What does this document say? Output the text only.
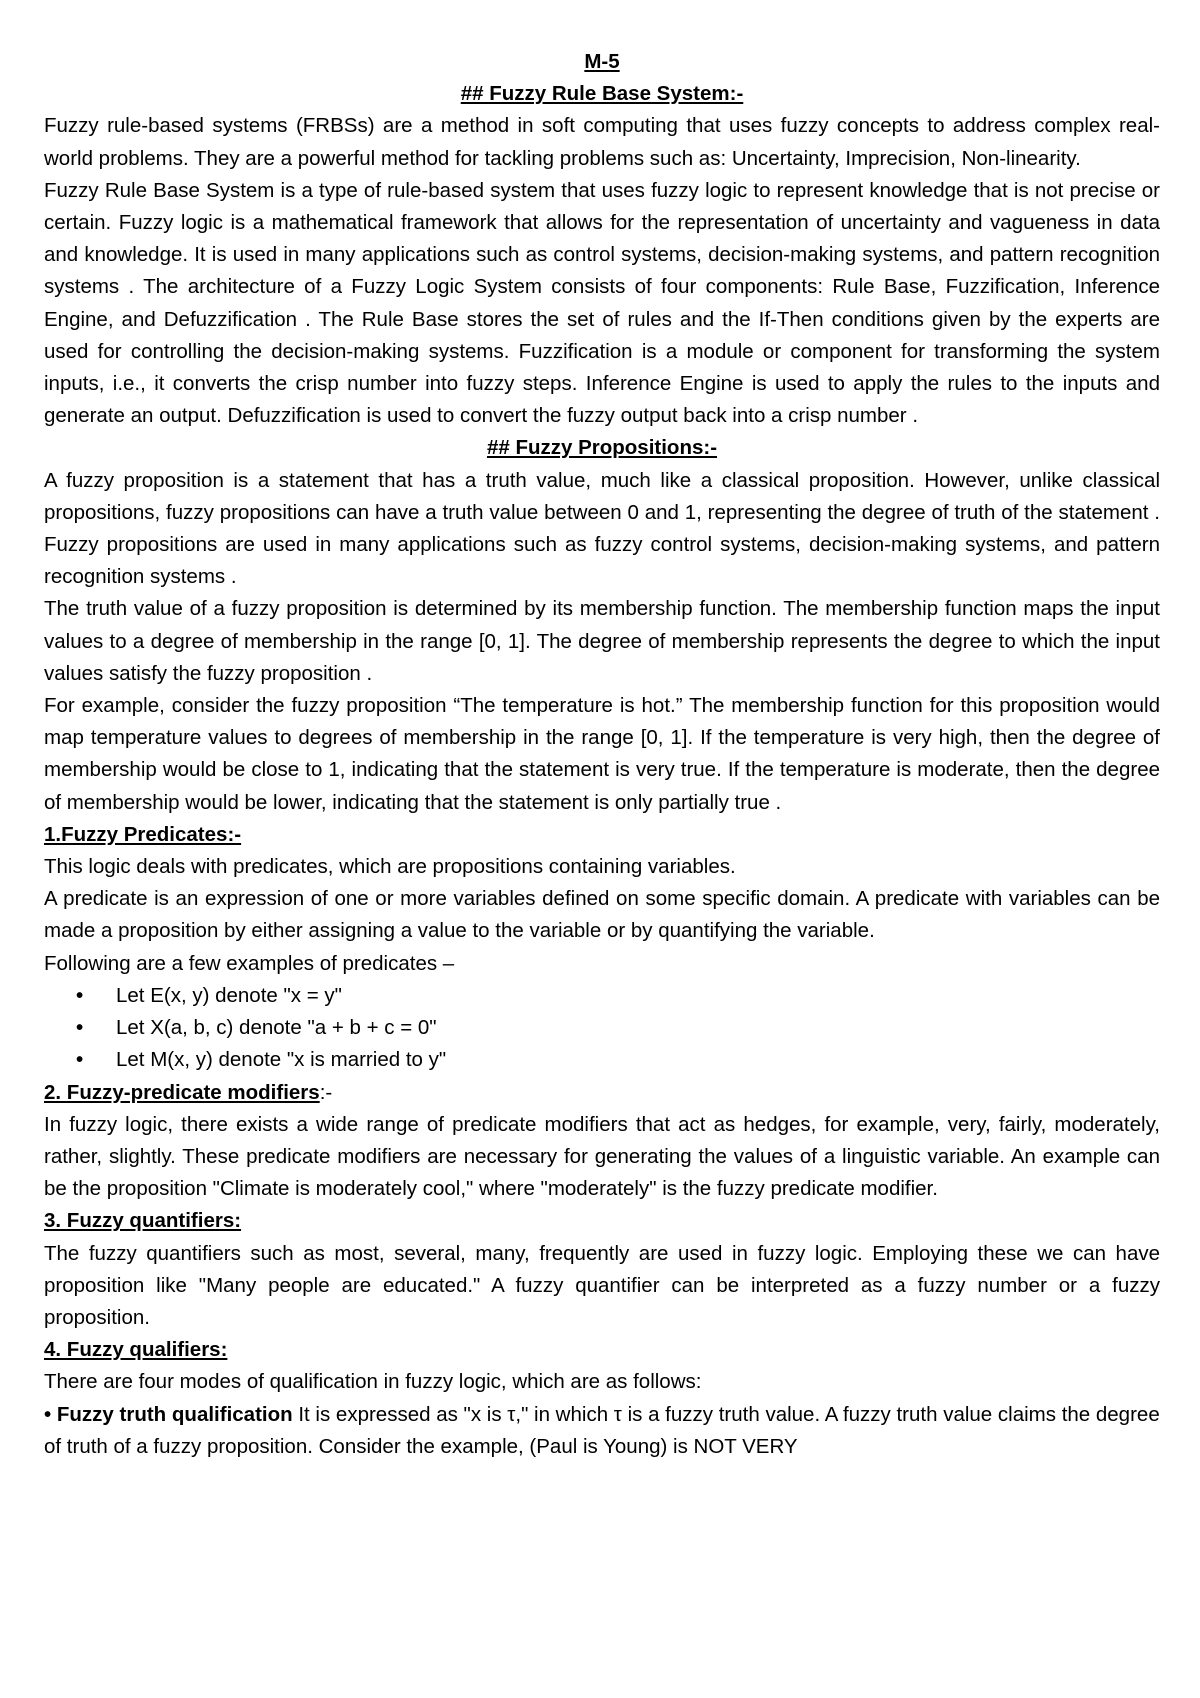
M-5
## Fuzzy Rule Base System:-

Fuzzy rule-based systems (FRBSs) are a method in soft computing that uses fuzzy concepts to address complex real-world problems. They are a powerful method for tackling problems such as: Uncertainty, Imprecision, Non-linearity.

Fuzzy Rule Base System is a type of rule-based system that uses fuzzy logic to represent knowledge that is not precise or certain. Fuzzy logic is a mathematical framework that allows for the representation of uncertainty and vagueness in data and knowledge. It is used in many applications such as control systems, decision-making systems, and pattern recognition systems . The architecture of a Fuzzy Logic System consists of four components: Rule Base, Fuzzification, Inference Engine, and Defuzzification . The Rule Base stores the set of rules and the If-Then conditions given by the experts are used for controlling the decision-making systems. Fuzzification is a module or component for transforming the system inputs, i.e., it converts the crisp number into fuzzy steps. Inference Engine is used to apply the rules to the inputs and generate an output. Defuzzification is used to convert the fuzzy output back into a crisp number .

## Fuzzy Propositions:-

A fuzzy proposition is a statement that has a truth value, much like a classical proposition. However, unlike classical propositions, fuzzy propositions can have a truth value between 0 and 1, representing the degree of truth of the statement . Fuzzy propositions are used in many applications such as fuzzy control systems, decision-making systems, and pattern recognition systems .

The truth value of a fuzzy proposition is determined by its membership function. The membership function maps the input values to a degree of membership in the range [0, 1]. The degree of membership represents the degree to which the input values satisfy the fuzzy proposition .

For example, consider the fuzzy proposition “The temperature is hot.” The membership function for this proposition would map temperature values to degrees of membership in the range [0, 1]. If the temperature is very high, then the degree of membership would be close to 1, indicating that the statement is very true. If the temperature is moderate, then the degree of membership would be lower, indicating that the statement is only partially true .

1.Fuzzy Predicates:-

This logic deals with predicates, which are propositions containing variables.

A predicate is an expression of one or more variables defined on some specific domain. A predicate with variables can be made a proposition by either assigning a value to the variable or by quantifying the variable.

Following are a few examples of predicates –

• Let E(x, y) denote "x = y"
• Let X(a, b, c) denote "a + b + c = 0"
• Let M(x, y) denote "x is married to y"

2. Fuzzy-predicate modifiers:-

In fuzzy logic, there exists a wide range of predicate modifiers that act as hedges, for example, very, fairly, moderately, rather, slightly. These predicate modifiers are necessary for generating the values of a linguistic variable. An example can be the proposition "Climate is moderately cool," where "moderately" is the fuzzy predicate modifier.

3. Fuzzy quantifiers:

The fuzzy quantifiers such as most, several, many, frequently are used in fuzzy logic. Employing these we can have proposition like "Many people are educated." A fuzzy quantifier can be interpreted as a fuzzy number or a fuzzy proposition.

4. Fuzzy qualifiers:

There are four modes of qualification in fuzzy logic, which are as follows:

• Fuzzy truth qualification It is expressed as "x is τ," in which τ is a fuzzy truth value. A fuzzy truth value claims the degree of truth of a fuzzy proposition. Consider the example, (Paul is Young) is NOT VERY
